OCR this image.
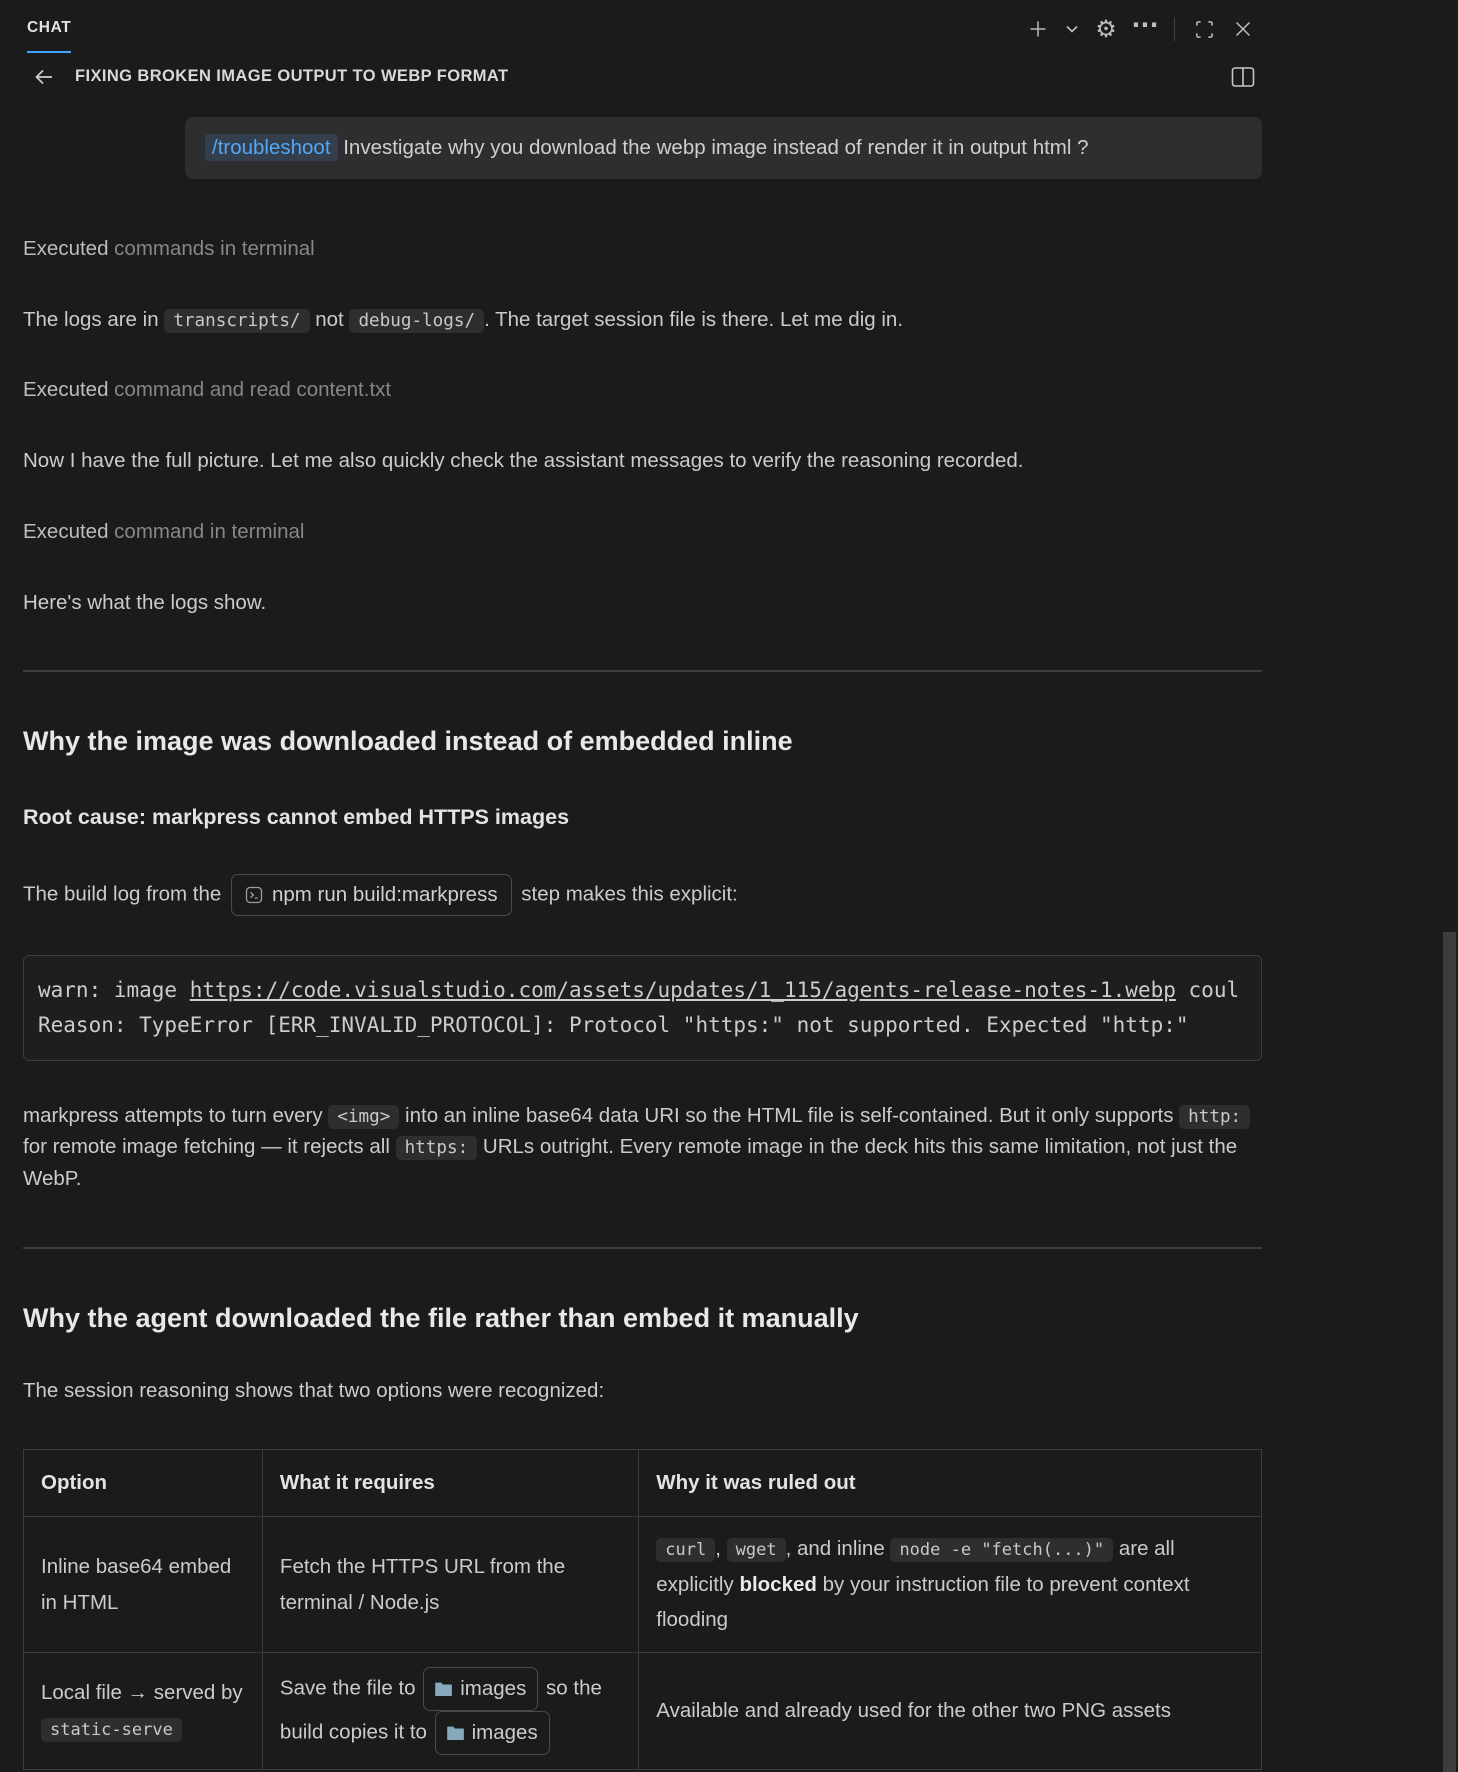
CHAT	⚙ ···
FIXING BROKEN IMAGE OUTPUT TO WEBP FORMAT
/troubleshoot Investigate why you download the webp image instead of render it in output html ?

Executed commands in terminal

The logs are in transcripts/ not debug-logs/ . The target session file is there. Let me dig in.

Executed command and read content.txt

Now I have the full picture. Let me also quickly check the assistant messages to verify the reasoning recorded.

Executed command in terminal

Here's what the logs show.

Why the image was downloaded instead of embedded inline
Root cause: markpress cannot embed HTTPS images

The build log from the npm run build:markpress step makes this explicit:

warn: image https://code.visualstudio.com/assets/updates/1_115/agents-release-notes-1.webp coul
Reason: TypeError [ERR_INVALID_PROTOCOL]: Protocol "https:" not supported. Expected "http:"

markpress attempts to turn every <img> into an inline base64 data URI so the HTML file is self-contained. But it only supports http: for remote image fetching — it rejects all https: URLs outright. Every remote image in the deck hits this same limitation, not just the WebP.

Why the agent downloaded the file rather than embed it manually

The session reasoning shows that two options were recognized:

Option	What it requires	Why it was ruled out
Inline base64 embed in HTML	Fetch the HTTPS URL from the terminal / Node.js	curl , wget , and inline node -e "fetch(...)" are all explicitly blocked by your instruction file to prevent context flooding
Local file → served by static-serve	Save the file to images so the build copies it to images	Available and already used for the other two PNG assets
